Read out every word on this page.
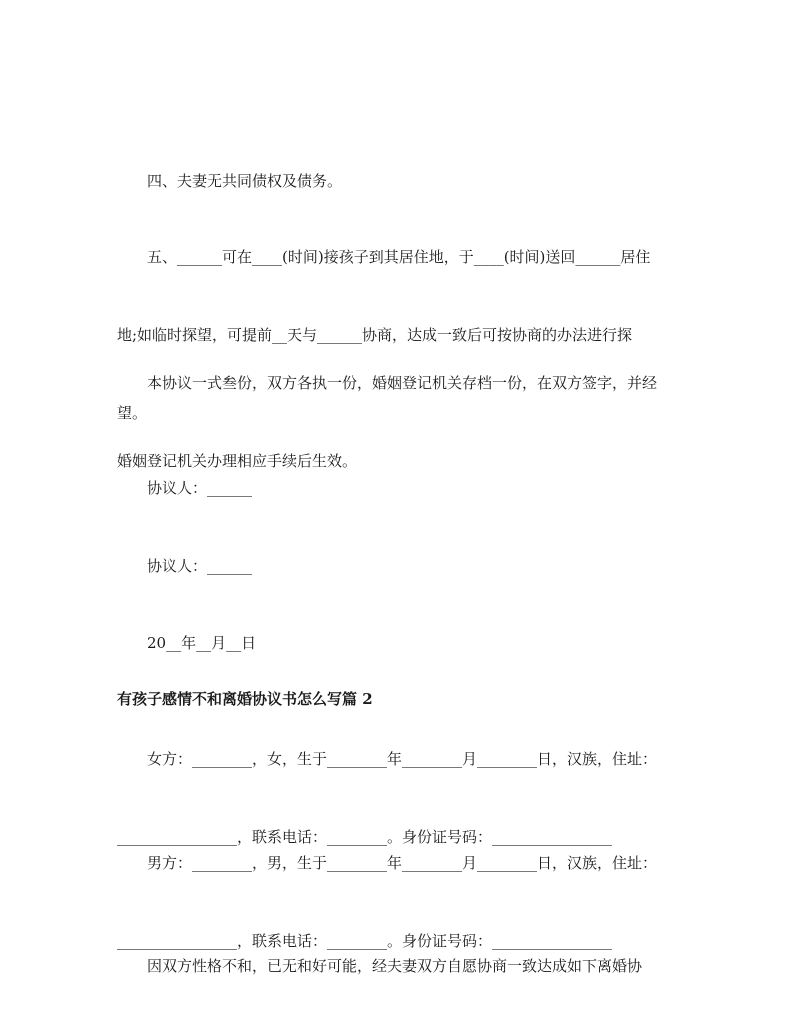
　　四、夫妻无共同债权及债务。

　　五、______可在____(时间)接孩子到其居住地，于____(时间)送回______居住

地;如临时探望，可提前__天与______协商，达成一致后可按协商的办法进行探

望。

　　本协议一式叁份，双方各执一份，婚姻登记机关存档一份，在双方签字，并经

婚姻登记机关办理相应手续后生效。

　　协议人：______

　　协议人：______

　　20__年__月__日

有孩子感情不和离婚协议书怎么写篇 2

　　女方：________，女，生于________年________月________日，汉族，住址：

________________，联系电话：________。身份证号码：________________

　　男方：________，男，生于________年________月________日，汉族，住址：

________________，联系电话：________。身份证号码：________________

　　因双方性格不和，已无和好可能，经夫妻双方自愿协商一致达成如下离婚协
